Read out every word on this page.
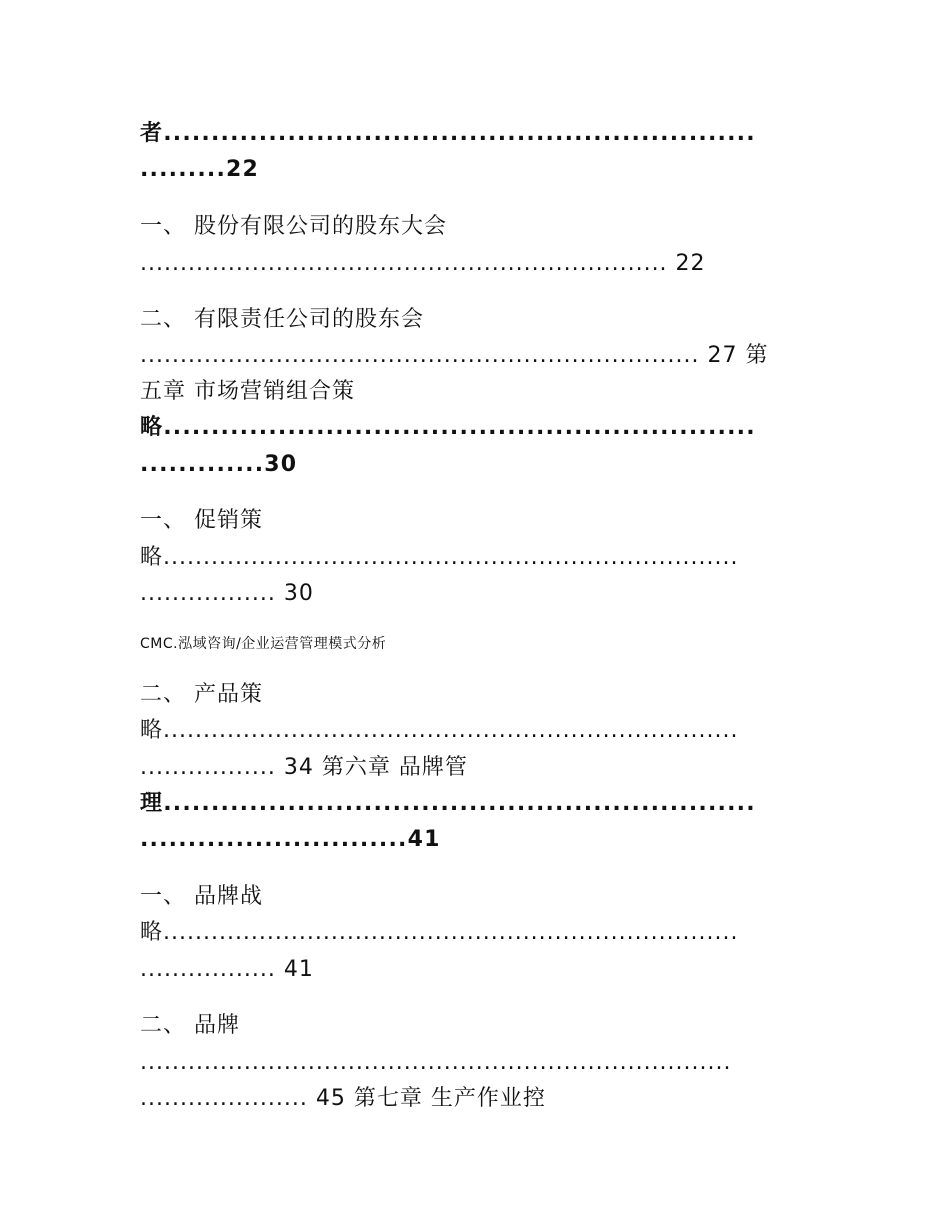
者..............................................................
.........22
一、 股份有限公司的股东大会
.................................................................. 22
二、 有限责任公司的股东会
...................................................................... 27 第
五章 市场营销组合策
略..............................................................
.............30
一、 促销策
略........................................................................
................. 30
CMC.泓域咨询/企业运营管理模式分析
二、 产品策
略........................................................................
................. 34 第六章 品牌管
理..............................................................
............................41
一、 品牌战
略........................................................................
................. 41
二、 品牌
..........................................................................
..................... 45 第七章 生产作业控
